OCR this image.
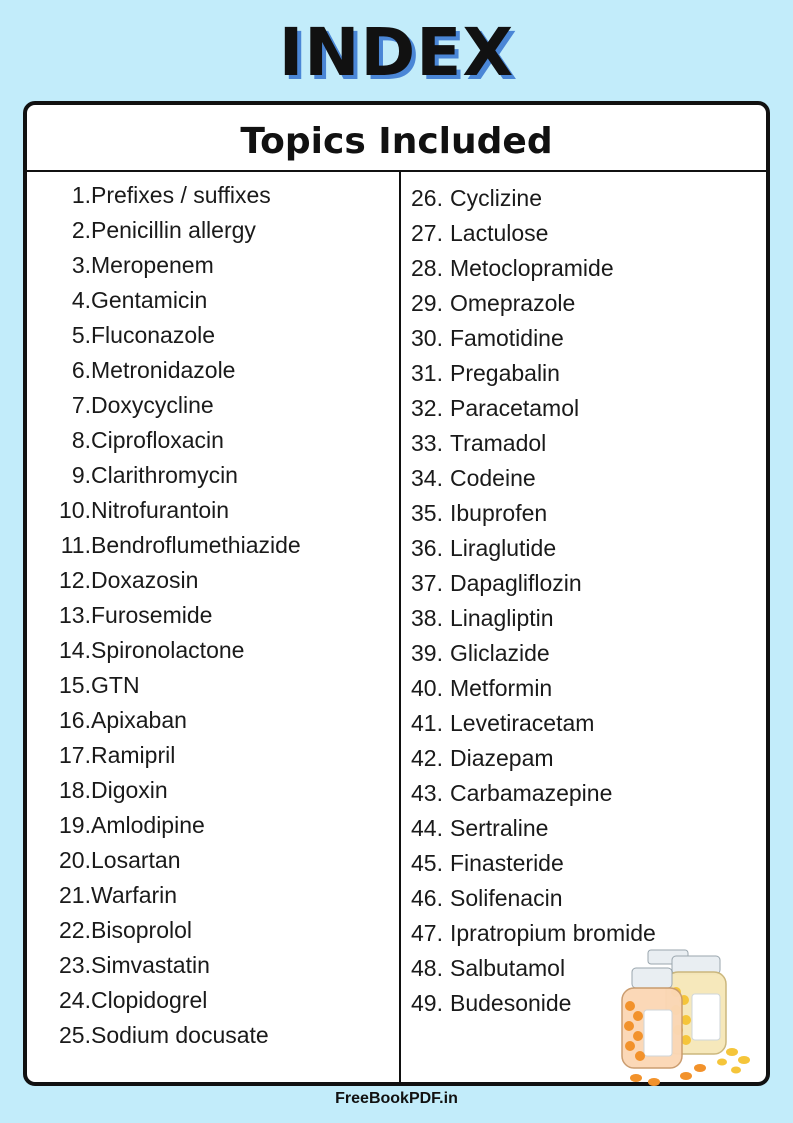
INDEX
Topics Included
1.Prefixes / suffixes
2.Penicillin allergy
3.Meropenem
4.Gentamicin
5.Fluconazole
6.Metronidazole
7.Doxycycline
8.Ciprofloxacin
9.Clarithromycin
10.Nitrofurantoin
11.Bendroflumethiazide
12.Doxazosin
13.Furosemide
14.Spironolactone
15.GTN
16.Apixaban
17.Ramipril
18.Digoxin
19.Amlodipine
20.Losartan
21.Warfarin
22.Bisoprolol
23.Simvastatin
24.Clopidogrel
25.Sodium docusate
26. Cyclizine
27. Lactulose
28. Metoclopramide
29. Omeprazole
30. Famotidine
31. Pregabalin
32. Paracetamol
33. Tramadol
34. Codeine
35. Ibuprofen
36. Liraglutide
37. Dapagliflozin
38. Linagliptin
39. Gliclazide
40. Metformin
41. Levetiracetam
42. Diazepam
43. Carbamazepine
44. Sertraline
45. Finasteride
46. Solifenacin
47. Ipratropium bromide
48. Salbutamol
49. Budesonide
FreeBookPDF.in
